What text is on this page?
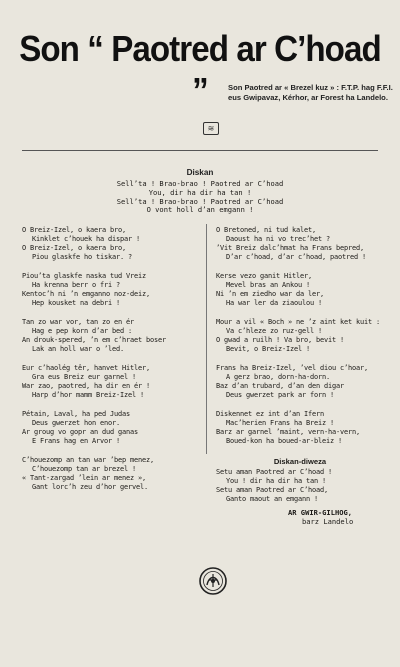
Son “ Paotred ar C’hoad ”	Son Paotred ar « Brezel kuz » : F.T.P. hag F.F.I. eus Gwipavaz, Kérhor, ar Forest ha Landelo.
≋
Diskan
Sell’ta ! Brao-brao ! Paotred ar C’hoad
You, dir ha dir ha tan !
Sell’ta ! Brao-brao ! Paotred ar C’hoad
O vont holl d’an emgann !
O Breiz-Izel, o kaera bro,
Kinklet c’houek ha dispar !
O Breiz-Izel, o kaera bro,
Piou glaskfe ho tiskar. ?
Piou’ta glaskfe naska tud Vreiz
Ha krenna berr o fri ?
Kentoc’h ni ’n emganno noz-deiz,
Hep kousket na debri !
Tan zo war vor, tan zo en ér
Hag e pep korn d’ar bed :
An drouk-spered, ’n em c’hraet boser
Lak an holl war o ’led.
Eur c’haolég têr, hanvet Hitler,
Gra eus Breiz eur garnel !
War zao, paotred, ha dir en ér !
Harp d’hor mamm Breiz-Izel !
Pétain, Laval, ha ped Judas
Deus gwerzet hon enor.
Ar groug vo gopr an dud ganas
E Frans hag en Arvor !
C’houezomp an tan war ’bep menez,
C’houezomp tan ar brezel !
« Tant-zargad ’lein ar menez »,
Gant lorc’h zeu d’hor gervel.
O Bretoned, ni tud kalet,
Daoust ha ni vo trec’het ?
’Vit Breiz dalc’hmat ha Frans bepred,
D’ar c’hoad, d’ar c’hoad, paotred !
Kerse vezo ganit Hitler,
Mevel bras an Ankou !
Ni ’n em ziedho war da ler,
Ha war ler da ziaoulou !
Mour a vil « Boch » ne ’z aint ket kuit :
Va c’hleze zo ruz-gell !
O gwad a ruilh ! Va bro, bevit !
Bevit, o Breiz-Izel !
Frans ha Breiz-Izel, ’vel diou c’hoar,
A gerz brao, dorn-ha-dorn.
Baz d’an trubard, d’an den digar
Deus gwerzet park ar forn !
Diskennet ez int d’an Ifern
Mac’herien Frans ha Breiz !
Barz ar garnel ’maint, vern-ha-vern,
Boued-kon ha boued-ar-bleiz !
Diskan-diweza
Setu aman Paotred ar C’hoad !
You ! dir ha dir ha tan !
Setu aman Paotred ar C’hoad,
Ganto maout an emgann !
AR GWIR-GILHOG,
barz Landelo
